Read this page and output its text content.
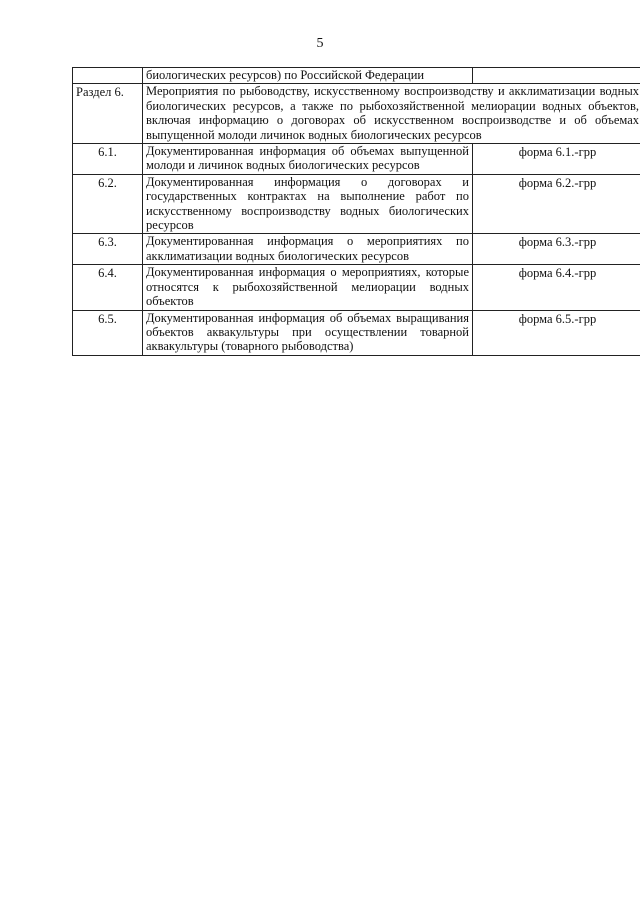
5
	биологических ресурсов) по Российской Федерации	
Раздел 6.	Мероприятия по рыбоводству, искусственному воспроизводству и акклиматизации водных биологических ресурсов, а также по рыбохозяйственной мелиорации водных объектов, включая информацию о договорах об искусственном воспроизводстве и об объемах выпущенной молоди личинок водных биологических ресурсов	
6.1.	Документированная информация об объемах выпущенной молоди и личинок водных биологических ресурсов	форма 6.1.-грр
6.2.	Документированная информация о договорах и государственных контрактах на выполнение работ по искусственному воспроизводству водных биологических ресурсов	форма 6.2.-грр
6.3.	Документированная информация о мероприятиях по акклиматизации водных биологических ресурсов	форма 6.3.-грр
6.4.	Документированная информация о мероприятиях, которые относятся к рыбохозяйственной мелиорации водных объектов	форма 6.4.-грр
6.5.	Документированная информация об объемах выращивания объектов аквакультуры при осуществлении товарной аквакультуры (товарного рыбоводства)	форма 6.5.-грр
